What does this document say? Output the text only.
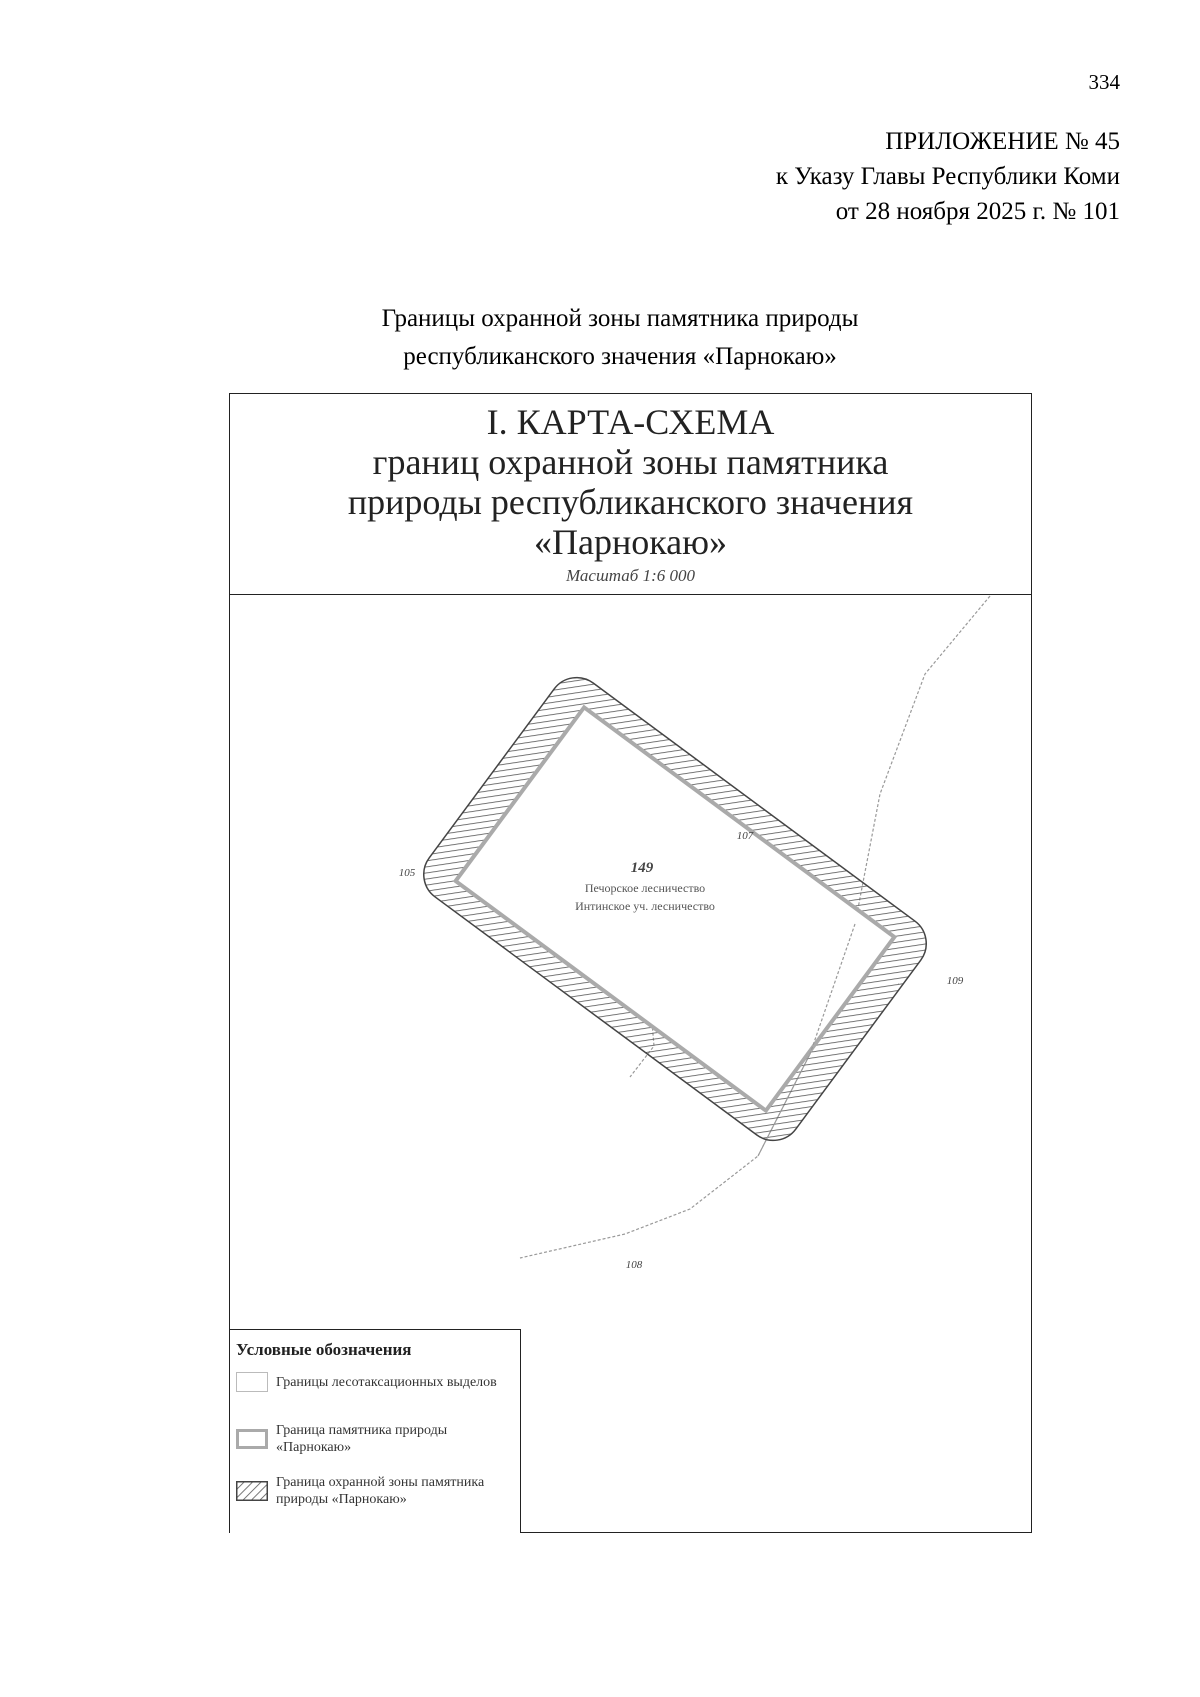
334
ПРИЛОЖЕНИЕ № 45
к Указу Главы Республики Коми
от 28 ноября 2025 г. № 101
Границы охранной зоны памятника природы
республиканского значения «Парнокаю»
149
Печорское лесничество
Интинское уч. лесничество
107
105
109
108
I. КАРТА-СХЕМА
границ охранной зоны памятника
природы республиканского значения
«Парнокаю»
Масштаб 1:6 000
Условные обозначения
Границы лесотаксационных выделов
Граница памятника природы «Парнокаю»
Граница охранной зоны памятника природы «Парнокаю»
